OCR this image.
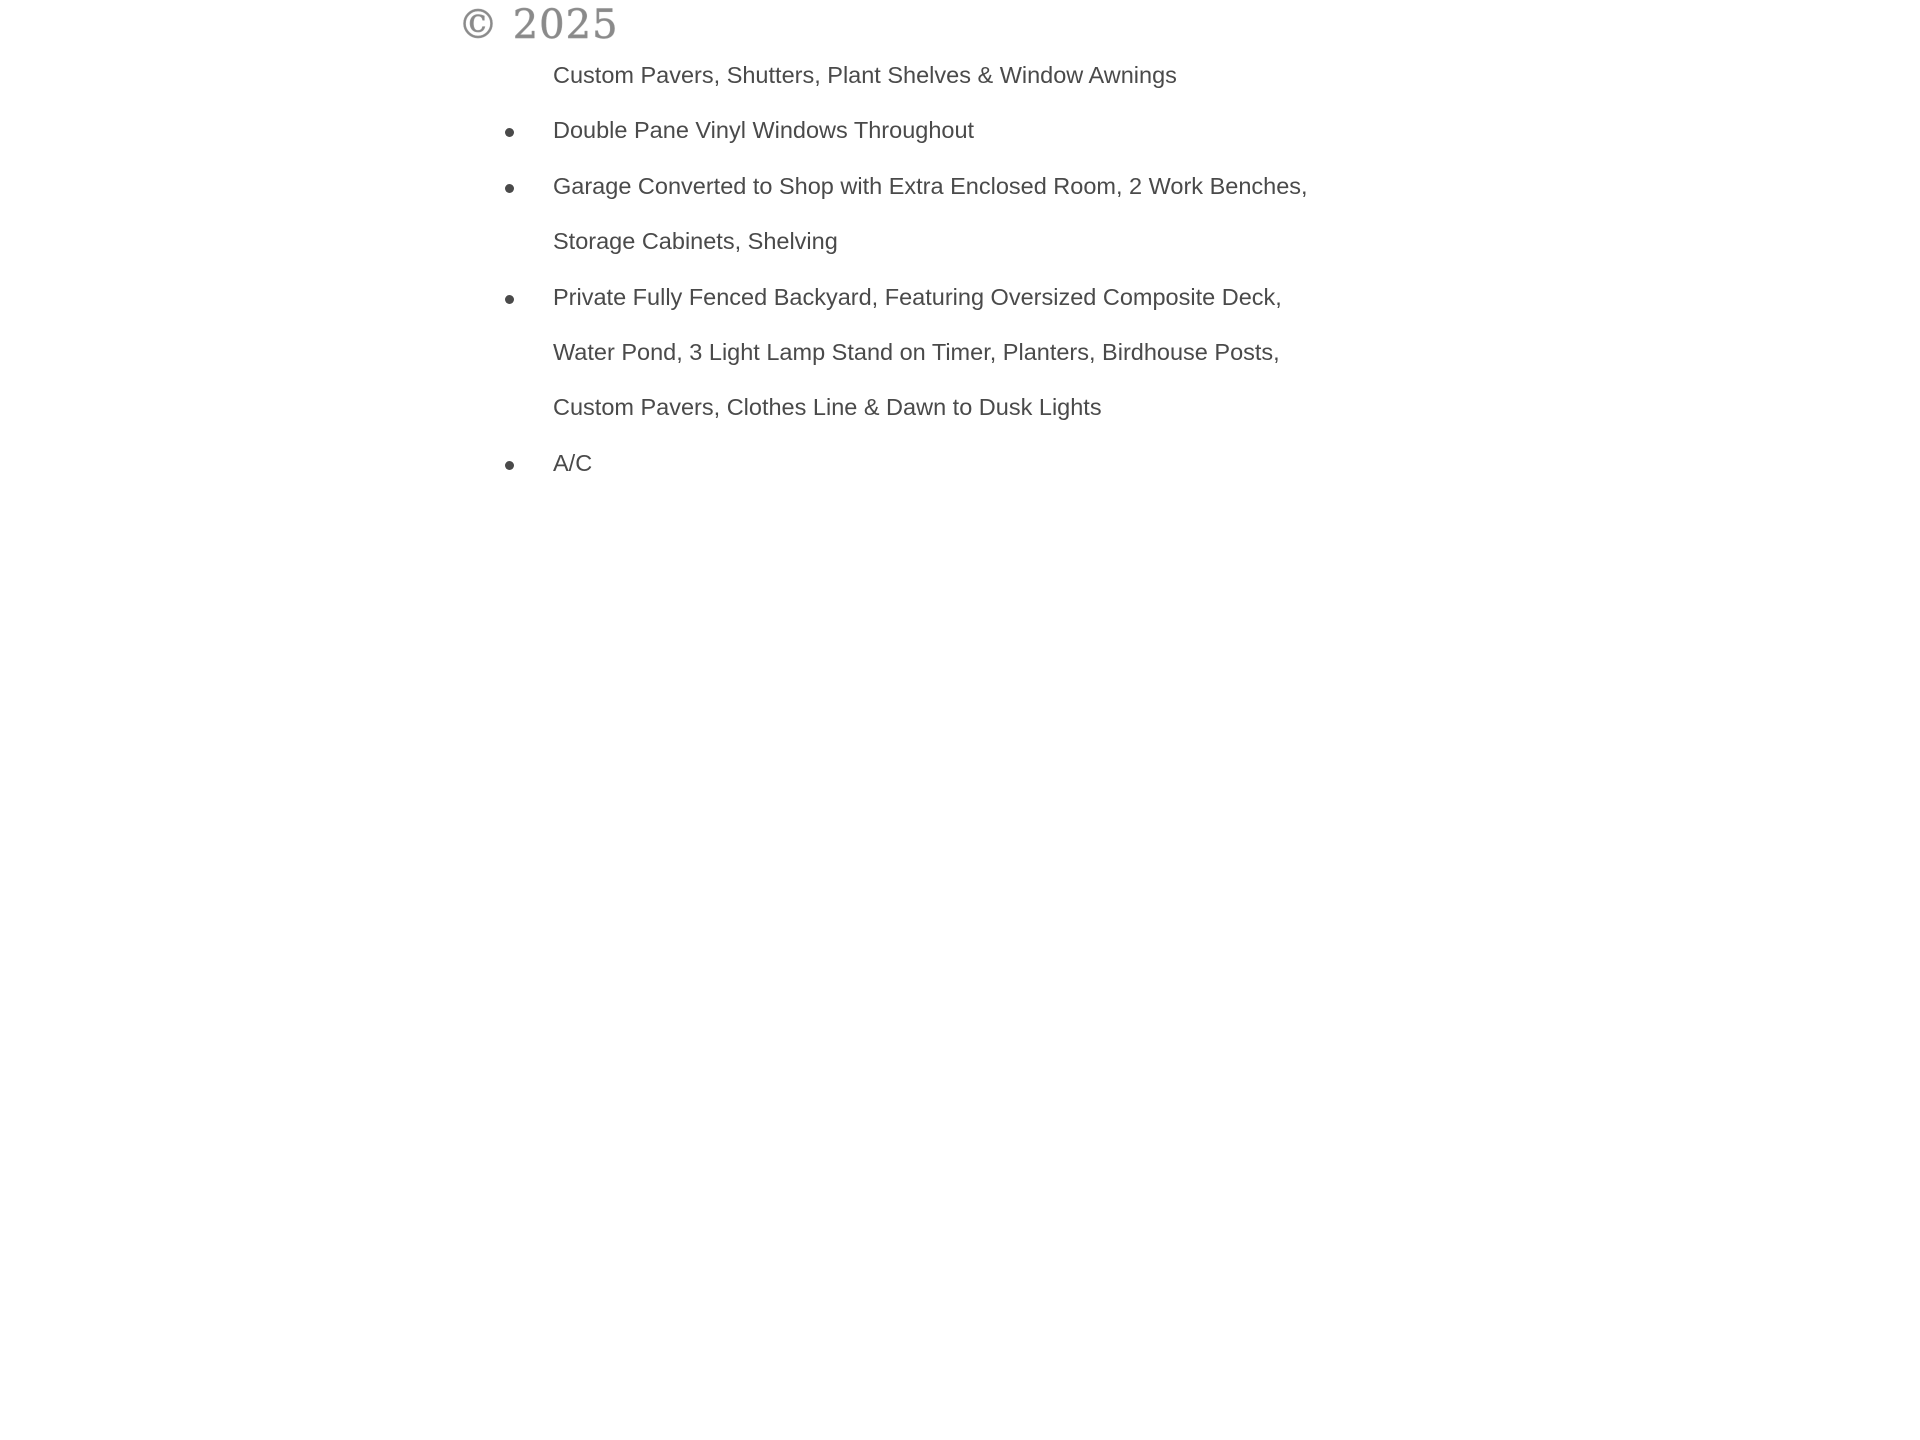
© 2025
Custom Pavers, Shutters, Plant Shelves & Window Awnings
Double Pane Vinyl Windows Throughout
Garage Converted to Shop with Extra Enclosed Room, 2 Work Benches,
Storage Cabinets, Shelving
Private Fully Fenced Backyard, Featuring Oversized Composite Deck,
Water Pond, 3 Light Lamp Stand on Timer, Planters, Birdhouse Posts,
Custom Pavers, Clothes Line & Dawn to Dusk Lights
A/C
